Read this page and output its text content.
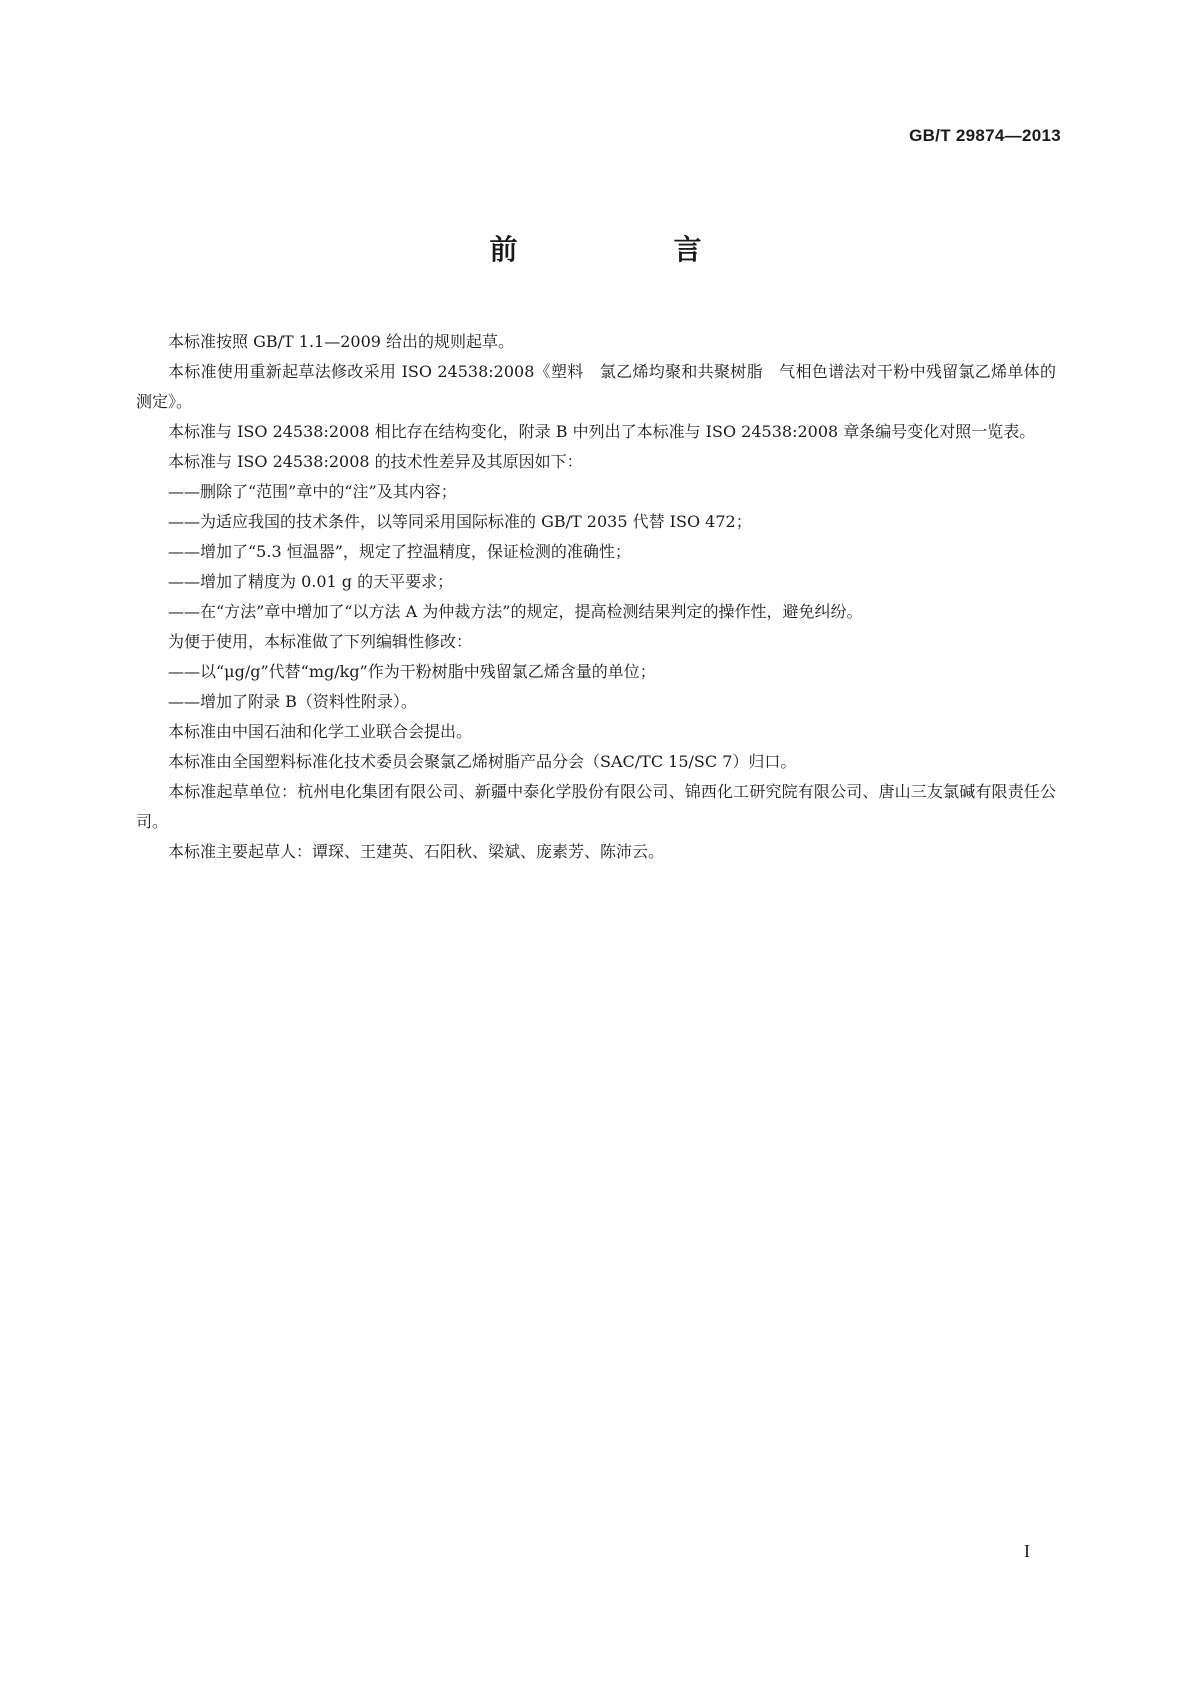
GB/T 29874—2013
前　言

本标准按照 GB/T 1.1—2009 给出的规则起草。

本标准使用重新起草法修改采用 ISO 24538:2008《塑料　氯乙烯均聚和共聚树脂　气相色谱法对干粉中残留氯乙烯单体的测定》。

本标准与 ISO 24538:2008 相比存在结构变化，附录 B 中列出了本标准与 ISO 24538:2008 章条编号变化对照一览表。

本标准与 ISO 24538:2008 的技术性差异及其原因如下：

——删除了“范围”章中的“注”及其内容；

——为适应我国的技术条件，以等同采用国际标准的 GB/T 2035 代替 ISO 472；

——增加了“5.3 恒温器”，规定了控温精度，保证检测的准确性；

——增加了精度为 0.01 g 的天平要求；

——在“方法”章中增加了“以方法 A 为仲裁方法”的规定，提高检测结果判定的操作性，避免纠纷。

为便于使用，本标准做了下列编辑性修改：

——以“μg/g”代替“mg/kg”作为干粉树脂中残留氯乙烯含量的单位；

——增加了附录 B（资料性附录）。

本标准由中国石油和化学工业联合会提出。

本标准由全国塑料标准化技术委员会聚氯乙烯树脂产品分会（SAC/TC 15/SC 7）归口。

本标准起草单位：杭州电化集团有限公司、新疆中泰化学股份有限公司、锦西化工研究院有限公司、唐山三友氯碱有限责任公司。

本标准主要起草人：谭琛、王建英、石阳秋、梁斌、庞素芳、陈沛云。

I
